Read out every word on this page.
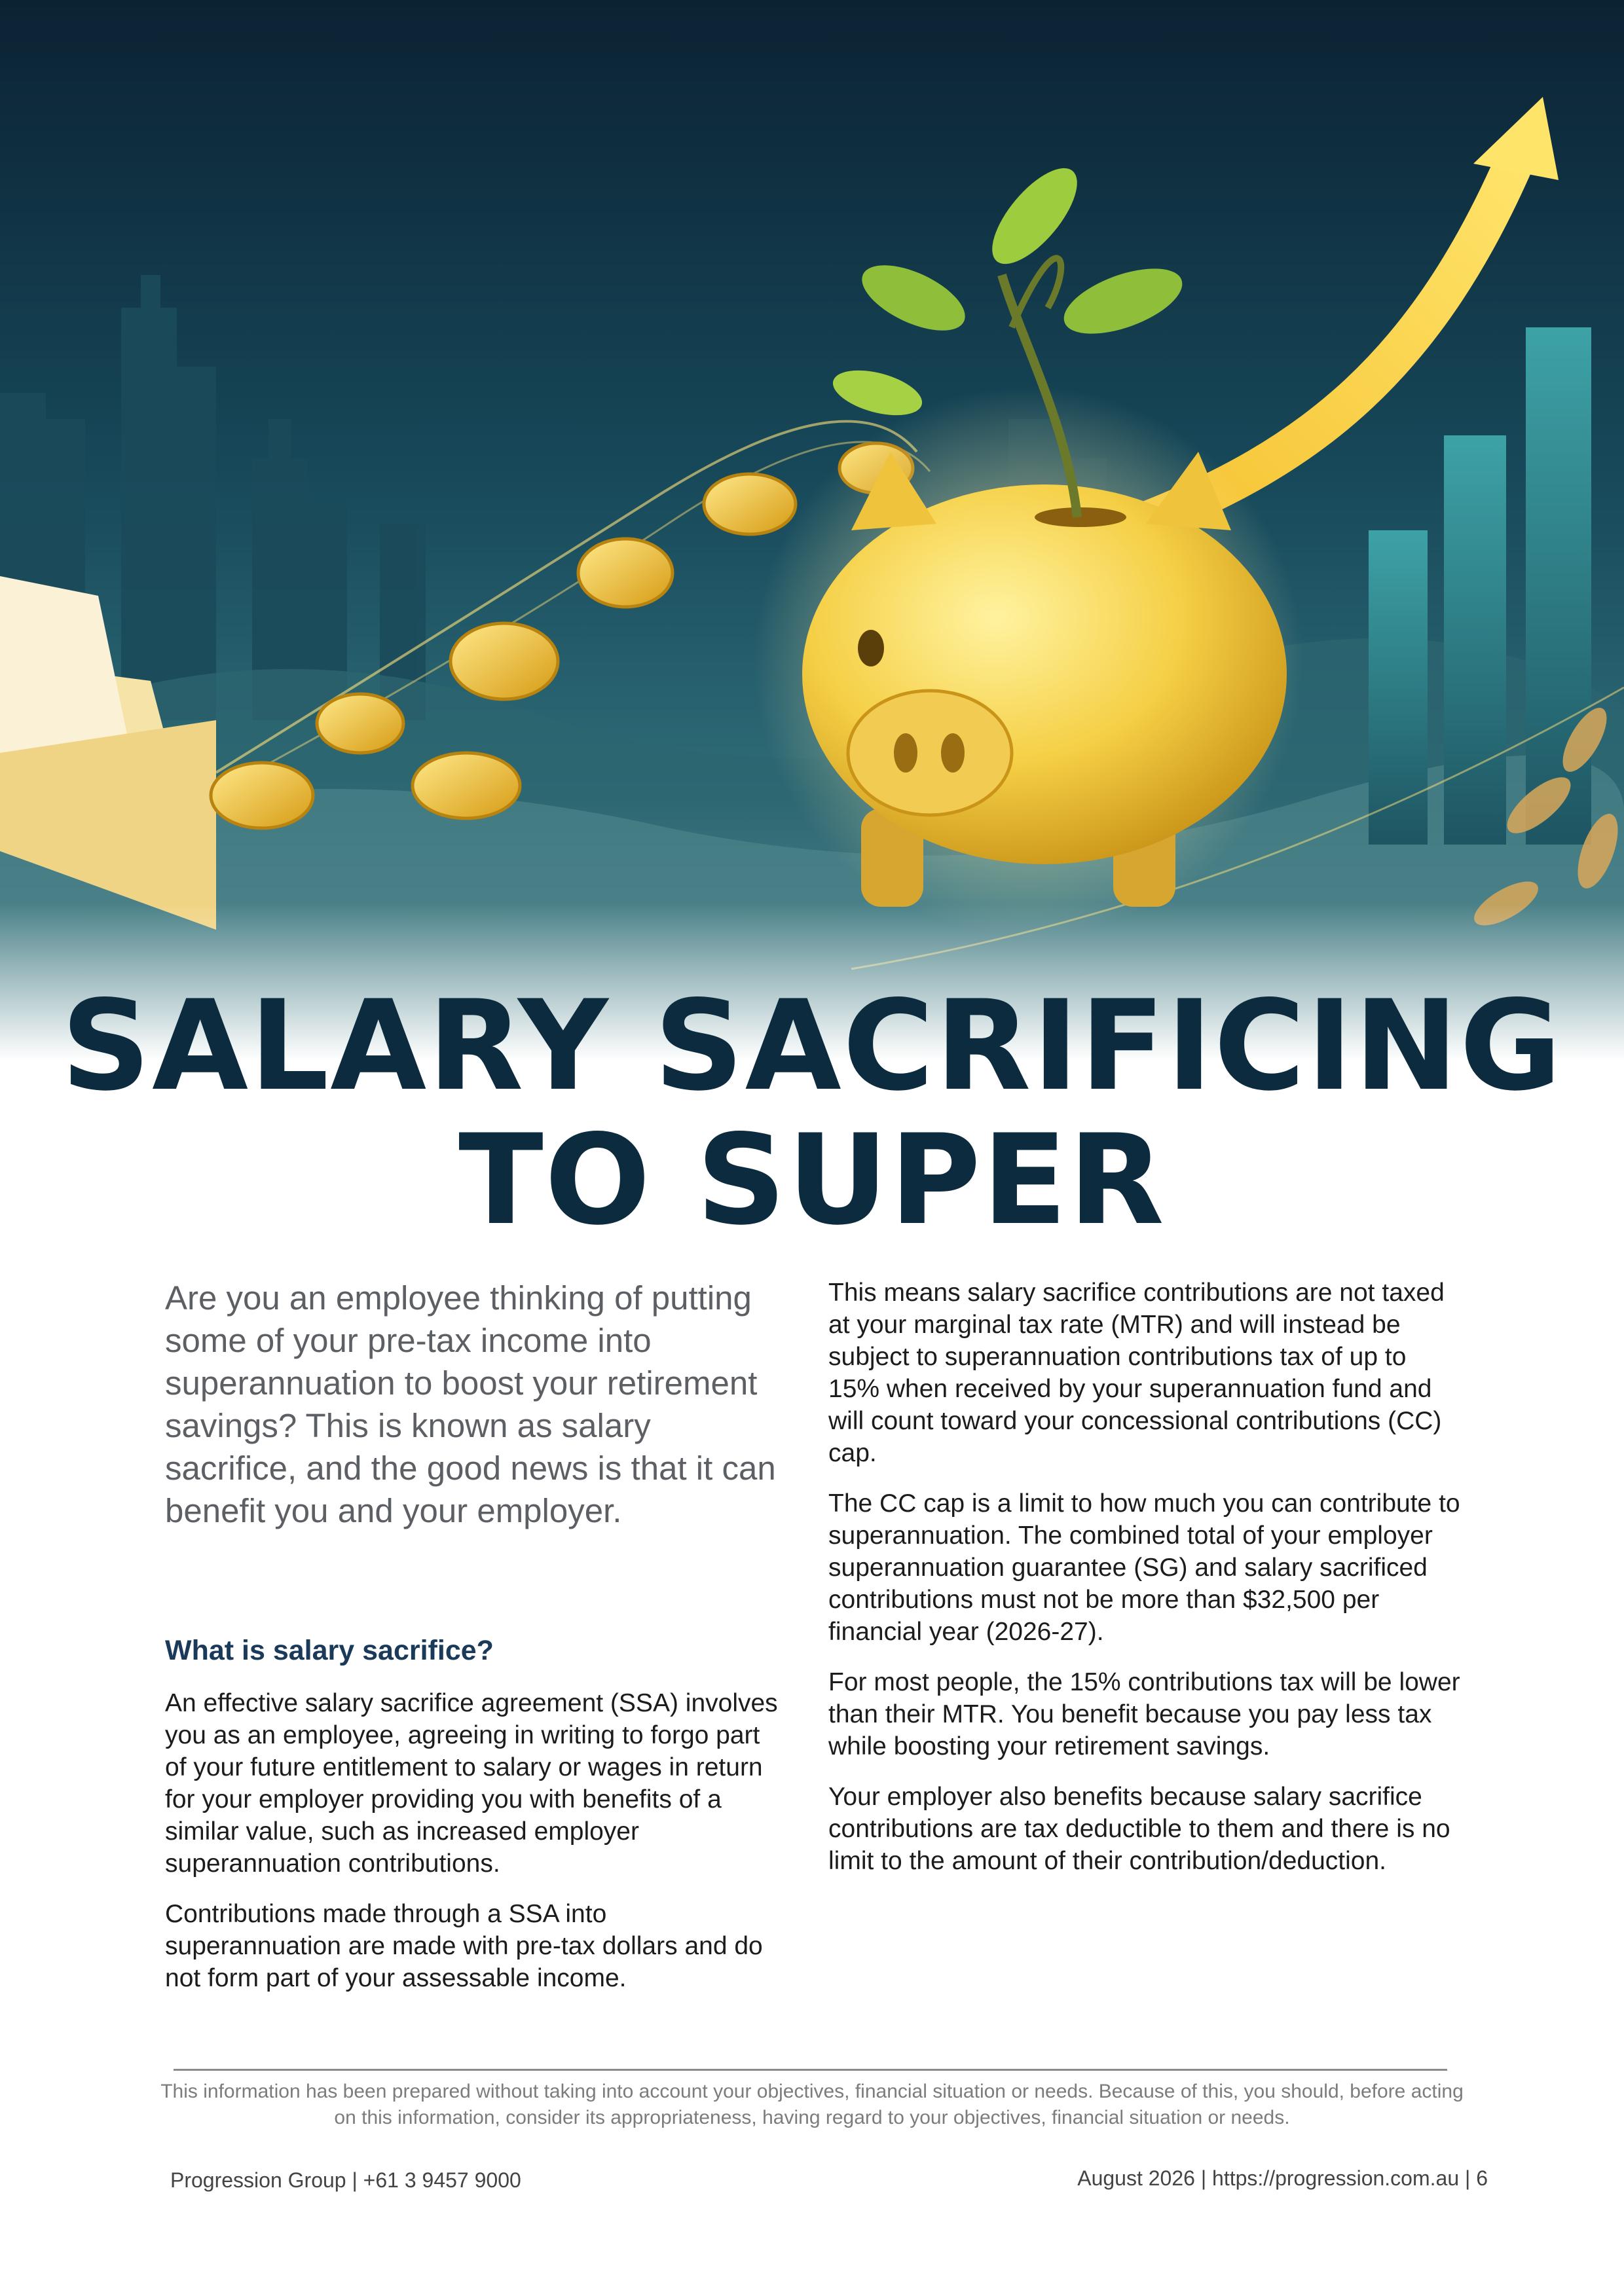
SALARY SACRIFICING
TO SUPER

Are you an employee thinking of putting some of your pre-tax income into superannuation to boost your retirement savings? This is known as salary sacrifice, and the good news is that it can benefit you and your employer.

What is salary sacrifice?

An effective salary sacrifice agreement (SSA) involves you as an employee, agreeing in writing to forgo part of your future entitlement to salary or wages in return for your employer providing you with benefits of a similar value, such as increased employer superannuation contributions.

Contributions made through a SSA into superannuation are made with pre-tax dollars and do not form part of your assessable income.

This means salary sacrifice contributions are not taxed at your marginal tax rate (MTR) and will instead be subject to superannuation contributions tax of up to 15% when received by your superannuation fund and will count toward your concessional contributions (CC) cap.

The CC cap is a limit to how much you can contribute to superannuation. The combined total of your employer superannuation guarantee (SG) and salary sacrificed contributions must not be more than $32,500 per financial year (2026-27).

For most people, the 15% contributions tax will be lower than their MTR. You benefit because you pay less tax while boosting your retirement savings.

Your employer also benefits because salary sacrifice contributions are tax deductible to them and there is no limit to the amount of their contribution/deduction.

This information has been prepared without taking into account your objectives, financial situation or needs. Because of this, you should, before acting on this information, consider its appropriateness, having regard to your objectives, financial situation or needs.

Progression Group | +61 3 9457 9000	August 2026 | https://progression.com.au | 6
